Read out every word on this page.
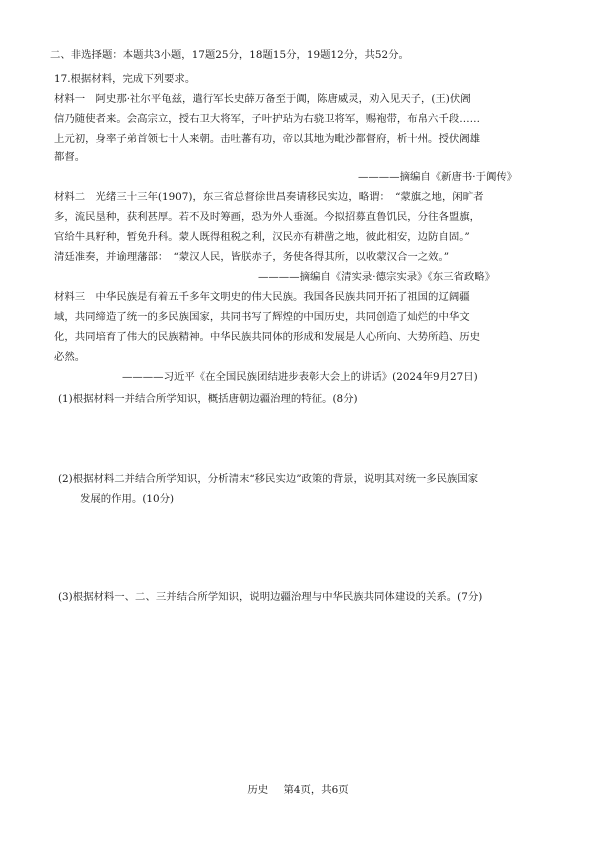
二、非选择题：本题共3小题，17题25分，18题15分，19题12分，共52分。
17.根据材料，完成下列要求。
材料一　阿史那·社尔平龟兹，遣行军长史薛万备至于阗，陈唐威灵，劝入见天子，(王)伏阇
信乃随使者来。会高宗立，授右卫大将军，子叶护玷为右骁卫将军，赐袍带，布帛六千段……
上元初，身率子弟首领七十人来朝。击吐蕃有功，帝以其地为毗沙都督府，析十州。授伏阇雄
都督。
————摘编自《新唐书·于阗传》
材料二　光绪三十三年(1907)，东三省总督徐世昌奏请移民实边，略谓：　“蒙旗之地，闲旷者
多，流民垦种，获利甚厚。若不及时筹画，恐为外人垂涎。今拟招募直鲁饥民，分往各盟旗，
官给牛具籽种，暂免升科。蒙人既得租税之利，汉民亦有耕凿之地，彼此相安，边防自固。”
清廷准奏，并谕理藩部：　“蒙汉人民，皆朕赤子，务使各得其所，以收蒙汉合一之效。”
————摘编自《清实录·德宗实录》《东三省政略》
材料三　中华民族是有着五千多年文明史的伟大民族。我国各民族共同开拓了祖国的辽阔疆
域，共同缔造了统一的多民族国家，共同书写了辉煌的中国历史，共同创造了灿烂的中华文
化，共同培育了伟大的民族精神。中华民族共同体的形成和发展是人心所向、大势所趋、历史
必然。
————习近平《在全国民族团结进步表彰大会上的讲话》(2024年9月27日)
(1)根据材料一并结合所学知识，概括唐朝边疆治理的特征。(8分)
(2)根据材料二并结合所学知识，分析清末“移民实边”政策的背景，说明其对统一多民族国家
发展的作用。(10分)
(3)根据材料一、二、三并结合所学知识，说明边疆治理与中华民族共同体建设的关系。(7分)
历史 第4页，共6页
